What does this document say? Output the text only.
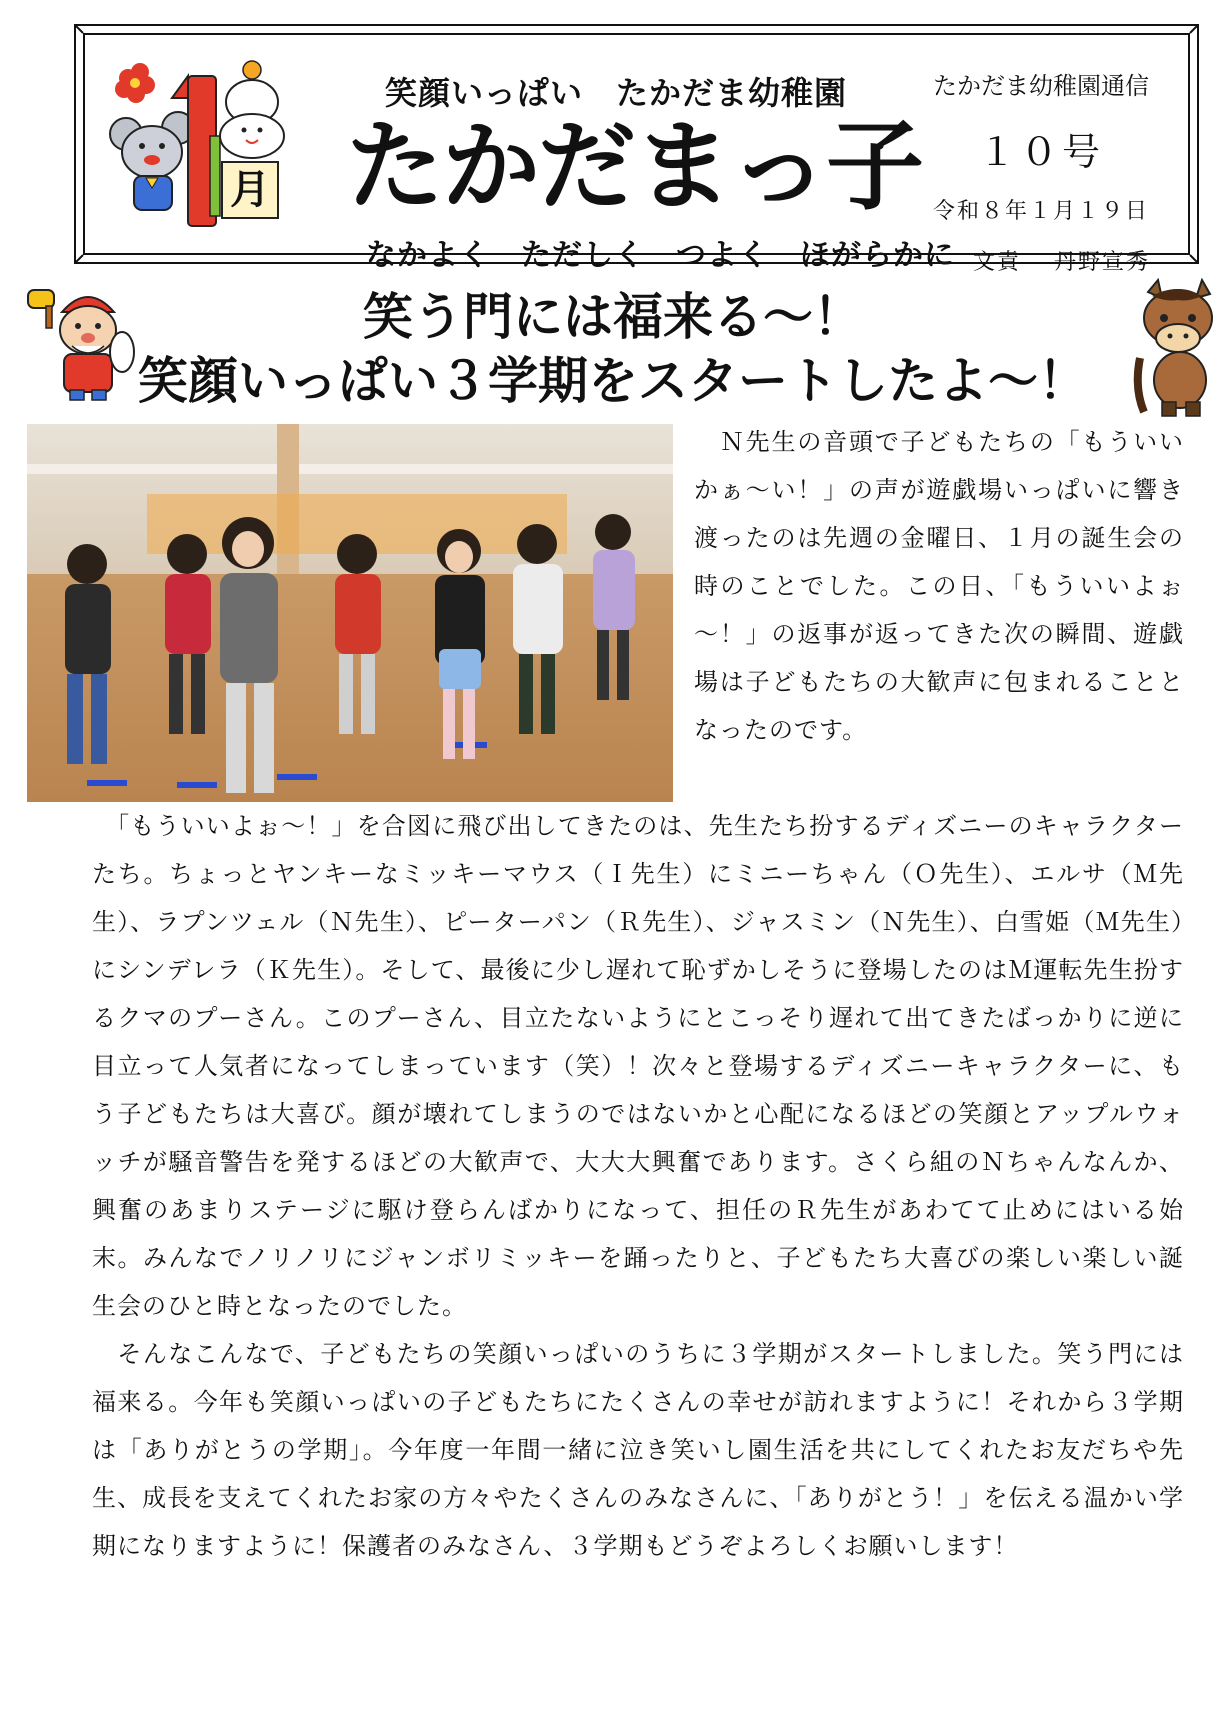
月
笑顔いっぱい　たかだま幼稚園
たかだまっ子
なかよく　ただしく　つよく　ほがらかに
たかだま幼稚園通信
１０号
令和８年１月１９日
文責　 丹野宣秀
笑う門には福来る～！
笑顔いっぱい３学期をスタートしたよ～！

　Ｎ先生の音頭で子どもたちの「もういいかぁ～い！」の声が遊戯場いっぱいに響き渡ったのは先週の金曜日、１月の誕生会の時のことでした。この日、「もういいよぉ～！」の返事が返ってきた次の瞬間、遊戯場は子どもたちの大歓声に包まれることとなったのです。

　「もういいよぉ～！」を合図に飛び出してきたのは、先生たち扮するディズニーのキャラクターたち。ちょっとヤンキーなミッキーマウス（Ｉ先生）にミニーちゃん（Ｏ先生）、エルサ（Ｍ先生）、ラプンツェル（Ｎ先生）、ピーターパン（Ｒ先生）、ジャスミン（Ｎ先生）、白雪姫（Ｍ先生）にシンデレラ（Ｋ先生）。そして、最後に少し遅れて恥ずかしそうに登場したのはＭ運転先生扮するクマのプーさん。このプーさん、目立たないようにとこっそり遅れて出てきたばっかりに逆に目立って人気者になってしまっています（笑）！次々と登場するディズニーキャラクターに、もう子どもたちは大喜び。顔が壊れてしまうのではないかと心配になるほどの笑顔とアップルウォッチが騒音警告を発するほどの大歓声で、大大大興奮であります。さくら組のＮちゃんなんか、興奮のあまりステージに駆け登らんばかりになって、担任のＲ先生があわてて止めにはいる始末。みんなでノリノリにジャンボリミッキーを踊ったりと、子どもたち大喜びの楽しい楽しい誕生会のひと時となったのでした。

　そんなこんなで、子どもたちの笑顔いっぱいのうちに３学期がスタートしました。笑う門には福来る。今年も笑顔いっぱいの子どもたちにたくさんの幸せが訪れますように！それから３学期は「ありがとうの学期」。今年度一年間一緒に泣き笑いし園生活を共にしてくれたお友だちや先生、成長を支えてくれたお家の方々やたくさんのみなさんに、「ありがとう！」を伝える温かい学期になりますように！保護者のみなさん、３学期もどうぞよろしくお願いします！
